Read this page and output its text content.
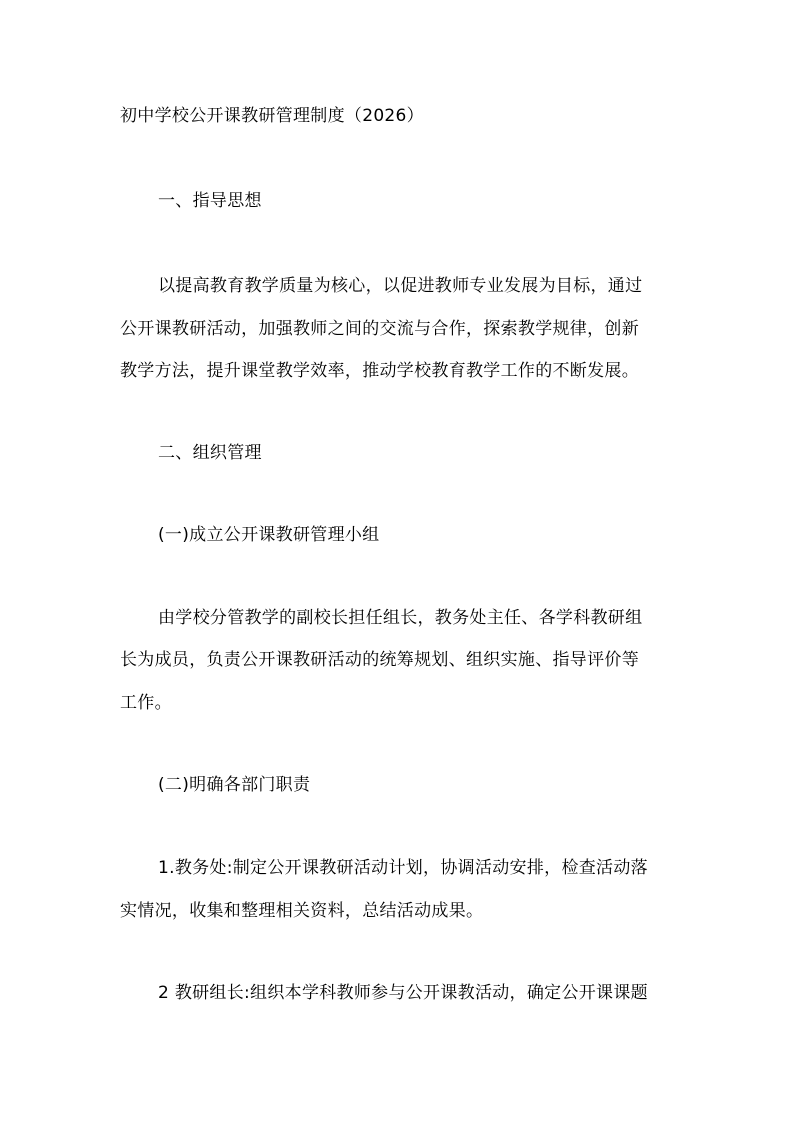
初中学校公开课教研管理制度（2026）
一、指导思想
以提高教育教学质量为核心，以促进教师专业发展为目标，通过
公开课教研活动，加强教师之间的交流与合作，探索教学规律，创新
教学方法，提升课堂教学效率，推动学校教育教学工作的不断发展。
二、组织管理
(一)成立公开课教研管理小组
由学校分管教学的副校长担任组长，教务处主任、各学科教研组
长为成员，负责公开课教研活动的统筹规划、组织实施、指导评价等
工作。
(二)明确各部门职责
1.教务处:制定公开课教研活动计划，协调活动安排，检查活动落
实情况，收集和整理相关资料，总结活动成果。
2 教研组长:组织本学科教师参与公开课教活动，确定公开课课题
